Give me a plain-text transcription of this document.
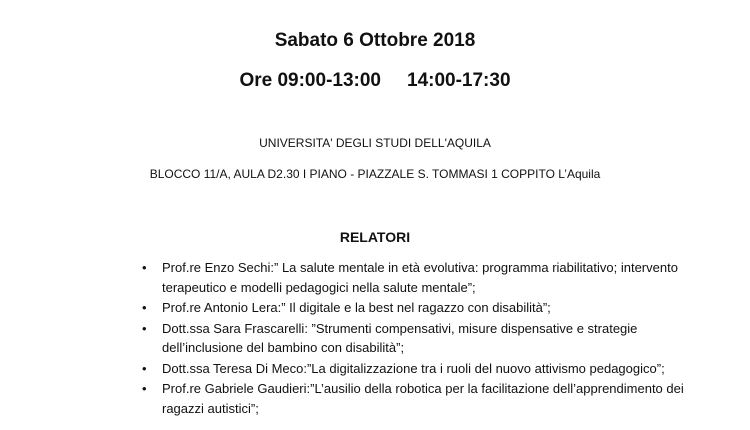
Sabato 6 Ottobre 2018
Ore 09:00-13:00 14:00-17:30
UNIVERSITA' DEGLI STUDI DELL'AQUILA
BLOCCO 11/A, AULA D2.30 I PIANO - PIAZZALE S. TOMMASI 1 COPPITO L’Aquila
RELATORI
• Prof.re Enzo Sechi:” La salute mentale in età evolutiva: programma riabilitativo; intervento terapeutico e modelli pedagogici nella salute mentale”;
• Prof.re Antonio Lera:” Il digitale e la best nel ragazzo con disabilità”;
• Dott.ssa Sara Frascarelli: ”Strumenti compensativi, misure dispensative e strategie dell’inclusione del bambino con disabilità”;
• Dott.ssa Teresa Di Meco:”La digitalizzazione tra i ruoli del nuovo attivismo pedagogico”;
• Prof.re Gabriele Gaudieri:”L’ausilio della robotica per la facilitazione dell’apprendimento dei ragazzi autistici”;
